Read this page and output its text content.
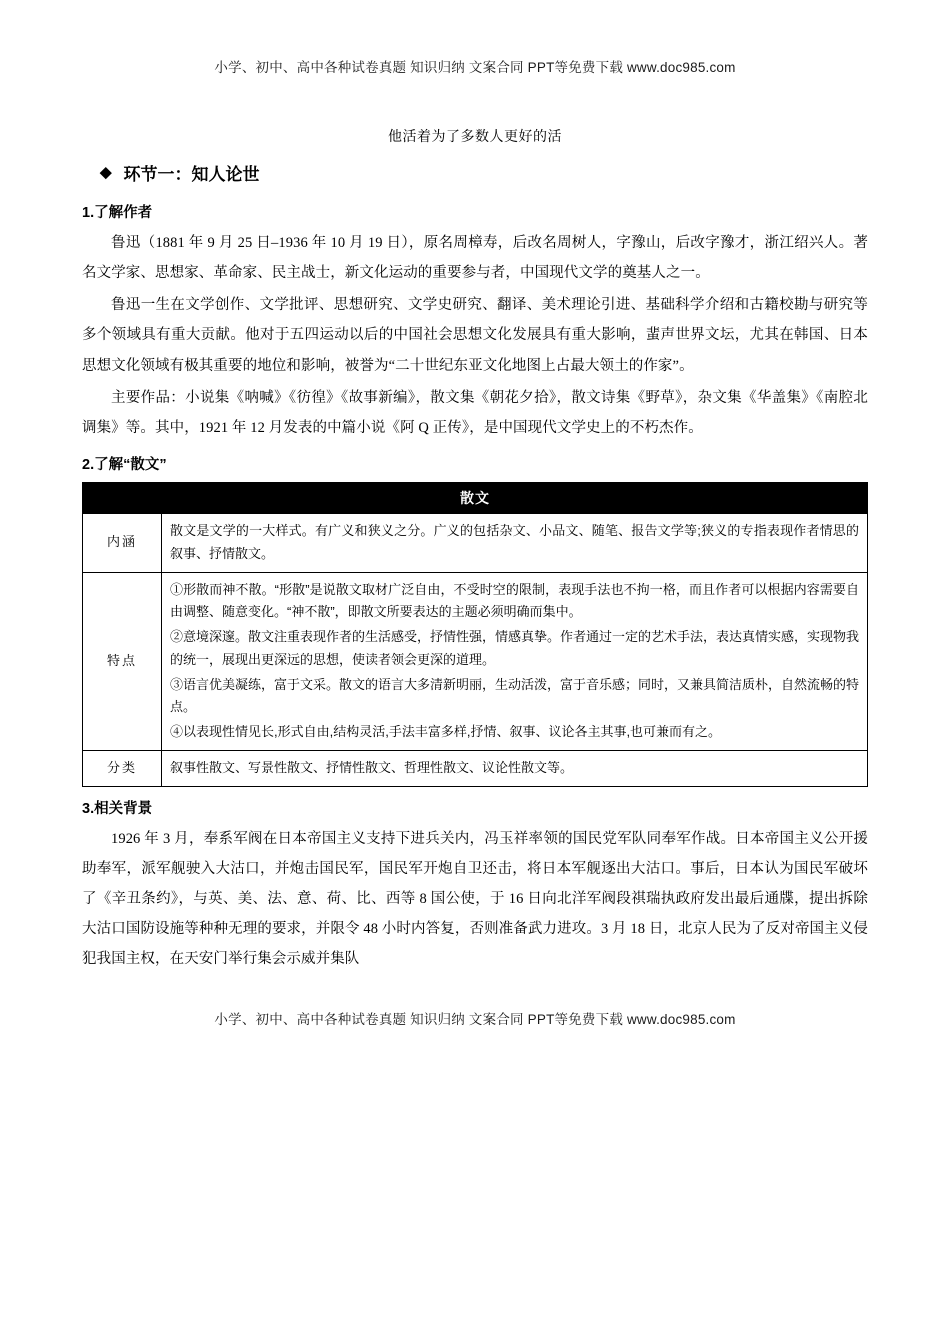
小学、初中、高中各种试卷真题 知识归纳 文案合同 PPT等免费下载 www.doc985.com
他活着为了多数人更好的活
◆ 环节一：知人论世
1.了解作者

鲁迅（1881 年 9 月 25 日–1936 年 10 月 19 日），原名周樟寿，后改名周树人，字豫山，后改字豫才，浙江绍兴人。著名文学家、思想家、革命家、民主战士，新文化运动的重要参与者，中国现代文学的奠基人之一。

鲁迅一生在文学创作、文学批评、思想研究、文学史研究、翻译、美术理论引进、基础科学介绍和古籍校勘与研究等多个领域具有重大贡献。他对于五四运动以后的中国社会思想文化发展具有重大影响，蜚声世界文坛，尤其在韩国、日本思想文化领域有极其重要的地位和影响，被誉为“二十世纪东亚文化地图上占最大领土的作家”。

主要作品：小说集《呐喊》《彷徨》《故事新编》，散文集《朝花夕拾》，散文诗集《野草》，杂文集《华盖集》《南腔北调集》等。其中，1921 年 12 月发表的中篇小说《阿 Q 正传》，是中国现代文学史上的不朽杰作。

2.了解“散文”
散文	
内涵	散文是文学的一大样式。有广义和狭义之分。广义的包括杂文、小品文、随笔、报告文学等;狭义的专指表现作者情思的叙事、抒情散文。

特点	①形散而神不散。“形散”是说散文取材广泛自由，不受时空的限制，表现手法也不拘一格，而且作者可以根据内容需要自由调整、随意变化。“神不散”，即散文所要表达的主题必须明确而集中。

②意境深邃。散文注重表现作者的生活感受，抒情性强，情感真挚。作者通过一定的艺术手法，表达真情实感，实现物我的统一，展现出更深远的思想，使读者领会更深的道理。

③语言优美凝练，富于文采。散文的语言大多清新明丽，生动活泼，富于音乐感；同时，又兼具简洁质朴，自然流畅的特点。

④以表现性情见长,形式自由,结构灵活,手法丰富多样,抒情、叙事、议论各主其事,也可兼而有之。

分类	叙事性散文、写景性散文、抒情性散文、哲理性散文、议论性散文等。

3.相关背景

1926 年 3 月，奉系军阀在日本帝国主义支持下进兵关内，冯玉祥率领的国民党军队同奉军作战。日本帝国主义公开援助奉军，派军舰驶入大沽口，并炮击国民军，国民军开炮自卫还击，将日本军舰逐出大沽口。事后，日本认为国民军破坏了《辛丑条约》，与英、美、法、意、荷、比、西等 8 国公使，于 16 日向北洋军阀段祺瑞执政府发出最后通牒，提出拆除大沽口国防设施等种种无理的要求，并限令 48 小时内答复，否则准备武力进攻。3 月 18 日，北京人民为了反对帝国主义侵犯我国主权，在天安门举行集会示威并集队

小学、初中、高中各种试卷真题 知识归纳 文案合同 PPT等免费下载 www.doc985.com
